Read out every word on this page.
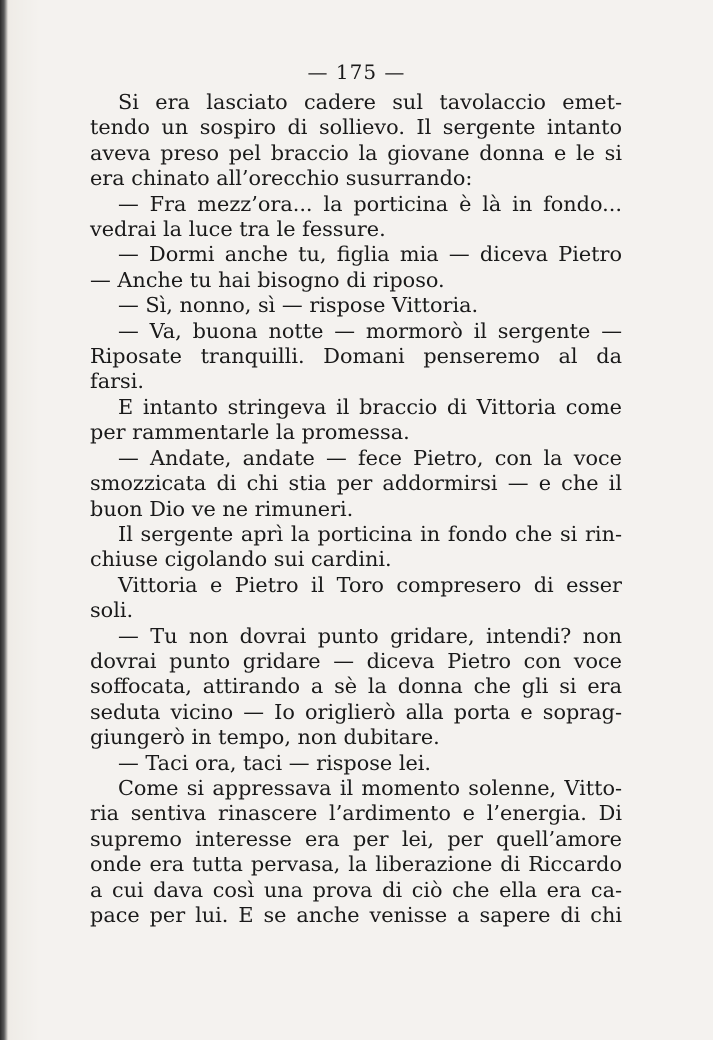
— 175 —
Si era lasciato cadere sul tavolaccio emet-
tendo un sospiro di sollievo. Il sergente intanto
aveva preso pel braccio la giovane donna e le si
era chinato all’orecchio susurrando:
— Fra mezz’ora... la porticina è là in fondo...
vedrai la luce tra le fessure.
— Dormi anche tu, figlia mia — diceva Pietro
— Anche tu hai bisogno di riposo.
— Sì, nonno, sì — rispose Vittoria.
— Va, buona notte — mormorò il sergente —
Riposate tranquilli. Domani penseremo al da
farsi.
E intanto stringeva il braccio di Vittoria come
per rammentarle la promessa.
— Andate, andate — fece Pietro, con la voce
smozzicata di chi stia per addormirsi — e che il
buon Dio ve ne rimuneri.
Il sergente aprì la porticina in fondo che si rin-
chiuse cigolando sui cardini.
Vittoria e Pietro il Toro compresero di esser
soli.
— Tu non dovrai punto gridare, intendi? non
dovrai punto gridare — diceva Pietro con voce
soffocata, attirando a sè la donna che gli si era
seduta vicino — Io origlierò alla porta e soprag-
giungerò in tempo, non dubitare.
— Taci ora, taci — rispose lei.
Come si appressava il momento solenne, Vitto-
ria sentiva rinascere l’ardimento e l’energia. Di
supremo interesse era per lei, per quell’amore
onde era tutta pervasa, la liberazione di Riccardo
a cui dava così una prova di ciò che ella era ca-
pace per lui. E se anche venisse a sapere di chi
